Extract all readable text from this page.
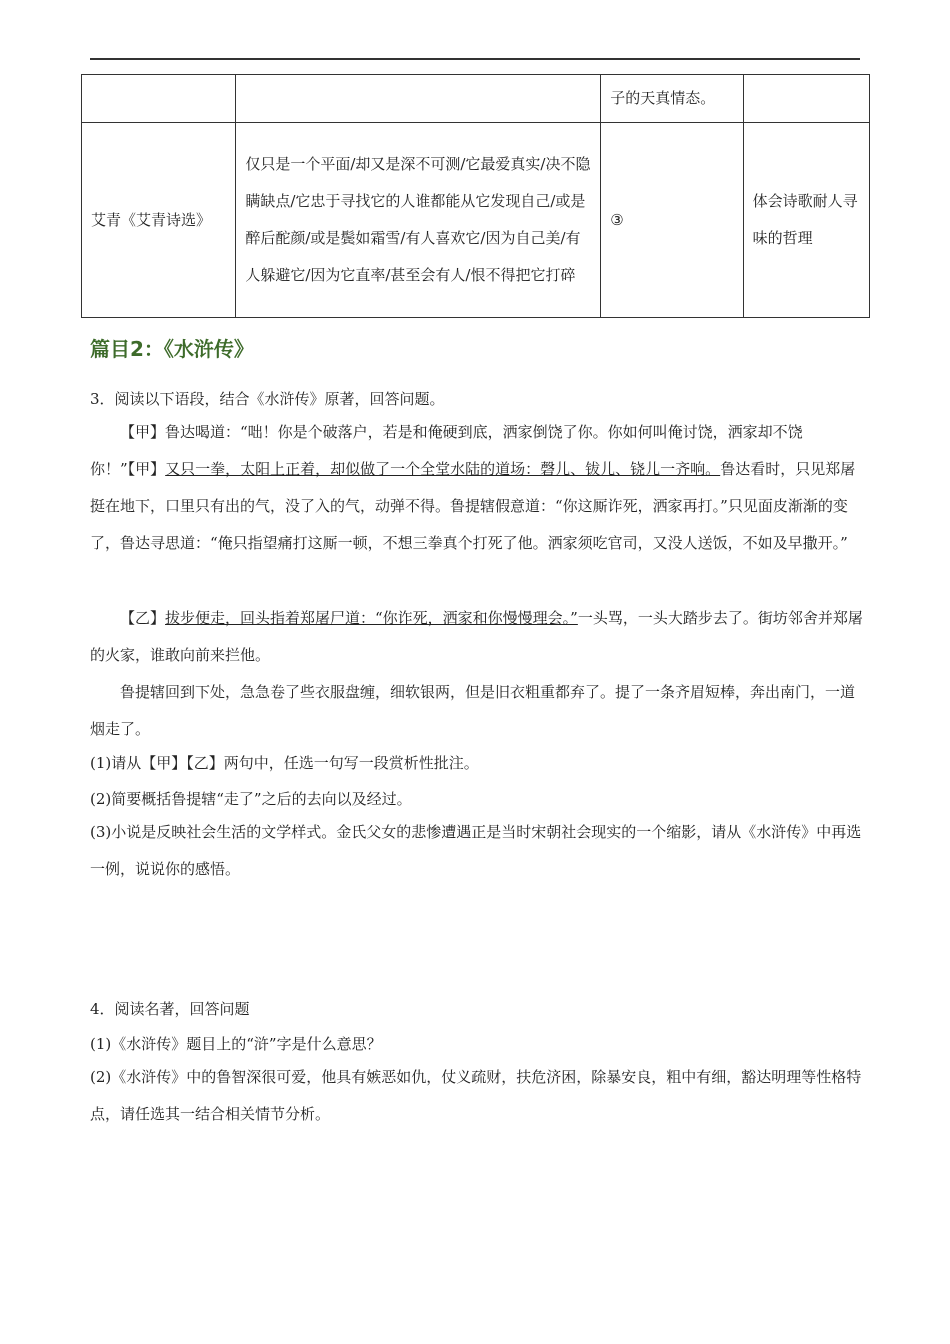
		子的天真情态。	
艾青《艾青诗选》	仅只是一个平面/却又是深不可测/它最爱真实/决不隐瞒缺点/它忠于寻找它的人谁都能从它发现自己/或是醉后酡颜/或是鬓如霜雪/有人喜欢它/因为自己美/有人躲避它/因为它直率/甚至会有人/恨不得把它打碎	③	体会诗歌耐人寻味的哲理
篇目2：《水浒传》
3．阅读以下语段，结合《水浒传》原著，回答问题。
【甲】鲁达喝道：“咄！你是个破落户，若是和俺硬到底，洒家倒饶了你。你如何叫俺讨饶，洒家却不饶你！”【甲】又只一拳，太阳上正着，却似做了一个全堂水陆的道场：磬儿、钹儿、铙儿一齐响。鲁达看时，只见郑屠挺在地下，口里只有出的气，没了入的气，动弹不得。鲁提辖假意道：“你这厮诈死，洒家再打。”只见面皮渐渐的变了，鲁达寻思道：“俺只指望痛打这厮一顿，不想三拳真个打死了他。洒家须吃官司，又没人送饭，不如及早撒开。”
【乙】拔步便走，回头指着郑屠尸道：“你诈死，洒家和你慢慢理会。”一头骂，一头大踏步去了。街坊邻舍并郑屠的火家，谁敢向前来拦他。
鲁提辖回到下处，急急卷了些衣服盘缠，细软银两，但是旧衣粗重都弃了。提了一条齐眉短棒，奔出南门，一道烟走了。
(1)请从【甲】【乙】两句中，任选一句写一段赏析性批注。
(2)简要概括鲁提辖“走了”之后的去向以及经过。
(3)小说是反映社会生活的文学样式。金氏父女的悲惨遭遇正是当时宋朝社会现实的一个缩影，请从《水浒传》中再选一例，说说你的感悟。
4．阅读名著，回答问题
(1)《水浒传》题目上的“浒”字是什么意思？
(2)《水浒传》中的鲁智深很可爱，他具有嫉恶如仇，仗义疏财，扶危济困，除暴安良，粗中有细，豁达明理等性格特点，请任选其一结合相关情节分析。
